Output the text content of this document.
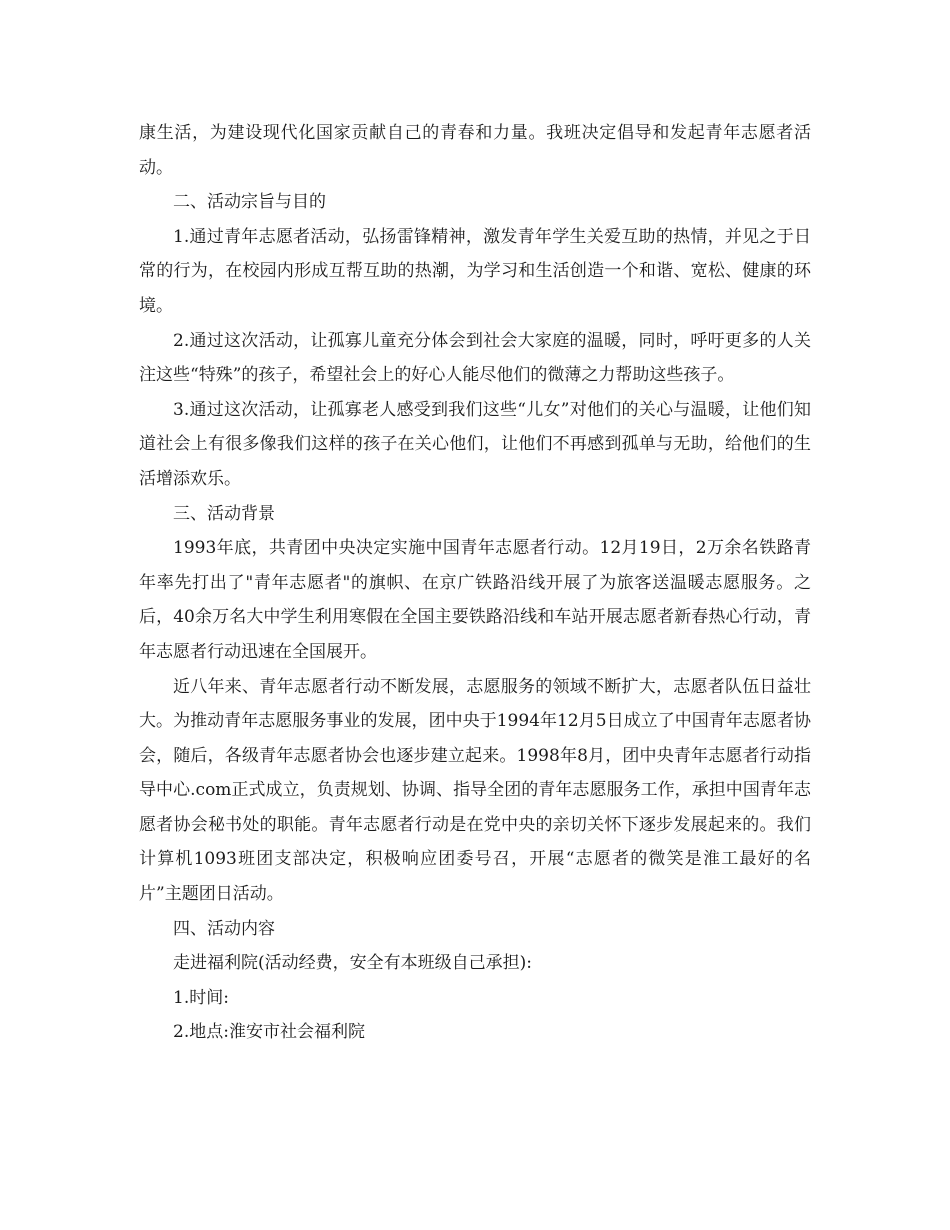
康生活，为建设现代化国家贡献自己的青春和力量。我班决定倡导和发起青年志愿者活动。

二、活动宗旨与目的

1.通过青年志愿者活动，弘扬雷锋精神，激发青年学生关爱互助的热情，并见之于日常的行为，在校园内形成互帮互助的热潮，为学习和生活创造一个和谐、宽松、健康的环境。

2.通过这次活动，让孤寡儿童充分体会到社会大家庭的温暖，同时，呼吁更多的人关注这些“特殊”的孩子，希望社会上的好心人能尽他们的微薄之力帮助这些孩子。

3.通过这次活动，让孤寡老人感受到我们这些“儿女”对他们的关心与温暖，让他们知道社会上有很多像我们这样的孩子在关心他们，让他们不再感到孤单与无助，给他们的生活增添欢乐。

三、活动背景

1993年底，共青团中央决定实施中国青年志愿者行动。12月19日，2万余名铁路青年率先打出了"青年志愿者"的旗帜、在京广铁路沿线开展了为旅客送温暖志愿服务。之后，40余万名大中学生利用寒假在全国主要铁路沿线和车站开展志愿者新春热心行动，青年志愿者行动迅速在全国展开。

近八年来、青年志愿者行动不断发展，志愿服务的领域不断扩大，志愿者队伍日益壮大。为推动青年志愿服务事业的发展，团中央于1994年12月5日成立了中国青年志愿者协会，随后，各级青年志愿者协会也逐步建立起来。1998年8月，团中央青年志愿者行动指导中心.com正式成立，负责规划、协调、指导全团的青年志愿服务工作，承担中国青年志愿者协会秘书处的职能。青年志愿者行动是在党中央的亲切关怀下逐步发展起来的。我们计算机1093班团支部决定，积极响应团委号召，开展“志愿者的微笑是淮工最好的名片”主题团日活动。

四、活动内容

走进福利院(活动经费，安全有本班级自己承担):

1.时间:

2.地点:淮安市社会福利院
